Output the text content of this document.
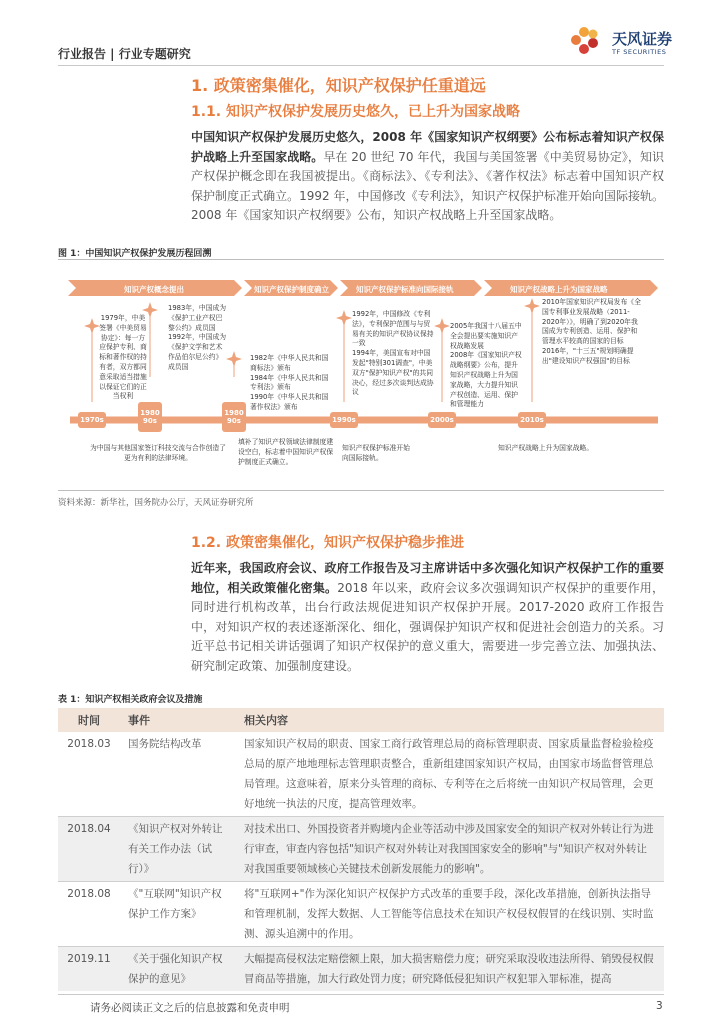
行业报告 | 行业专题研究
天风证券
TF SECURITIES
1. 政策密集催化，知识产权保护任重道远
1.1. 知识产权保护发展历史悠久，已上升为国家战略
中国知识产权保护发展历史悠久，2008 年《国家知识产权纲要》公布标志着知识产权保护战略上升至国家战略。早在 20 世纪 70 年代，我国与美国签署《中美贸易协定》，知识产权保护概念即在我国被提出。《商标法》、《专利法》、《著作权法》标志着中国知识产权保护制度正式确立。1992 年，中国修改《专利法》，知识产权保护标准开始向国际接轨。2008 年《国家知识产权纲要》公布，知识产权战略上升至国家战略。
图 1：中国知识产权保护发展历程回溯
知识产权概念提出	知识产权保护制度确立	知识产权保护标准向国际接轨	知识产权战略上升为国家战略
1970s
1980
90s
1980
90s	1990s	2000s	2010s
1979年，中美签署《中美贸易协定》：每一方应保护专利、商标和著作权的持有者，双方都同意采取适当措施以保证它们的正当权利
1983年，中国成为《保护工业产权巴黎公约》成员国
1992年，中国成为《保护文学和艺术作品伯尔尼公约》成员国
1982年《中华人民共和国商标法》颁布
1984年《中华人民共和国专利法》颁布
1990年《中华人民共和国著作权法》颁布
1992年，中国修改《专利法》，专利保护范围与与贸易有关的知识产权协议保持一致
1994年，美国宣布对中国发起"特别301调查"，中美双方"保护知识产权"的共同决心，经过多次谈判达成协议
2005年我国十八届五中全会提出要实施知识产权战略发展
2008年《国家知识产权战略纲要》公布，提升知识产权战略上升为国家战略，大力提升知识产权创造、运用、保护和管理能力
2010年国家知识产权局发布《全国专利事业发展战略（2011-2020年）》，明确了到2020年我国成为专利创造、运用、保护和管理水平较高的国家的目标
2016年，"十三五"规划明确提出"建设知识产权强国"的目标
为中国与其他国家签订科技交流与合作创造了更为有利的法律环境。
填补了知识产权领域法律制度建设空白，标志着中国知识产权保护制度正式确立。
知识产权保护标准开始向国际接轨。
知识产权战略上升为国家战略。
资料来源：新华社，国务院办公厅，天风证券研究所
1.2. 政策密集催化，知识产权保护稳步推进
近年来，我国政府会议、政府工作报告及习主席讲话中多次强化知识产权保护工作的重要地位，相关政策催化密集。2018 年以来，政府会议多次强调知识产权保护的重要作用，同时进行机构改革，出台行政法规促进知识产权保护开展。2017-2020 政府工作报告中，对知识产权的表述逐渐深化、细化，强调保护知识产权和促进社会创造力的关系。习近平总书记相关讲话强调了知识产权保护的意义重大，需要进一步完善立法、加强执法、研究制定政策、加强制度建设。
表 1：知识产权相关政府会议及措施
时间	事件	相关内容
2018.03	国务院结构改革	国家知识产权局的职责、国家工商行政管理总局的商标管理职责、国家质量监督检验检疫总局的原产地地理标志管理职责整合，重新组建国家知识产权局，由国家市场监督管理总局管理。这意味着，原来分头管理的商标、专利等在之后将统一由知识产权局管理，会更好地统一执法的尺度，提高管理效率。
2018.04	《知识产权对外转让有关工作办法（试行）》	对技术出口、外国投资者并购境内企业等活动中涉及国家安全的知识产权对外转让行为进行审查，审查内容包括"知识产权对外转让对我国国家安全的影响"与"知识产权对外转让对我国重要领域核心关键技术创新发展能力的影响"。
2018.08	《"互联网"知识产权保护工作方案》	将"互联网+"作为深化知识产权保护方式改革的重要手段，深化改革措施，创新执法指导和管理机制，发挥大数据、人工智能等信息技术在知识产权侵权假冒的在线识别、实时监测、源头追溯中的作用。
2019.11	《关于强化知识产权保护的意见》	大幅提高侵权法定赔偿额上限，加大损害赔偿力度；研究采取没收违法所得、销毁侵权假冒商品等措施，加大行政处罚力度；研究降低侵犯知识产权犯罪入罪标准，提高
请务必阅读正文之后的信息披露和免责申明	3
